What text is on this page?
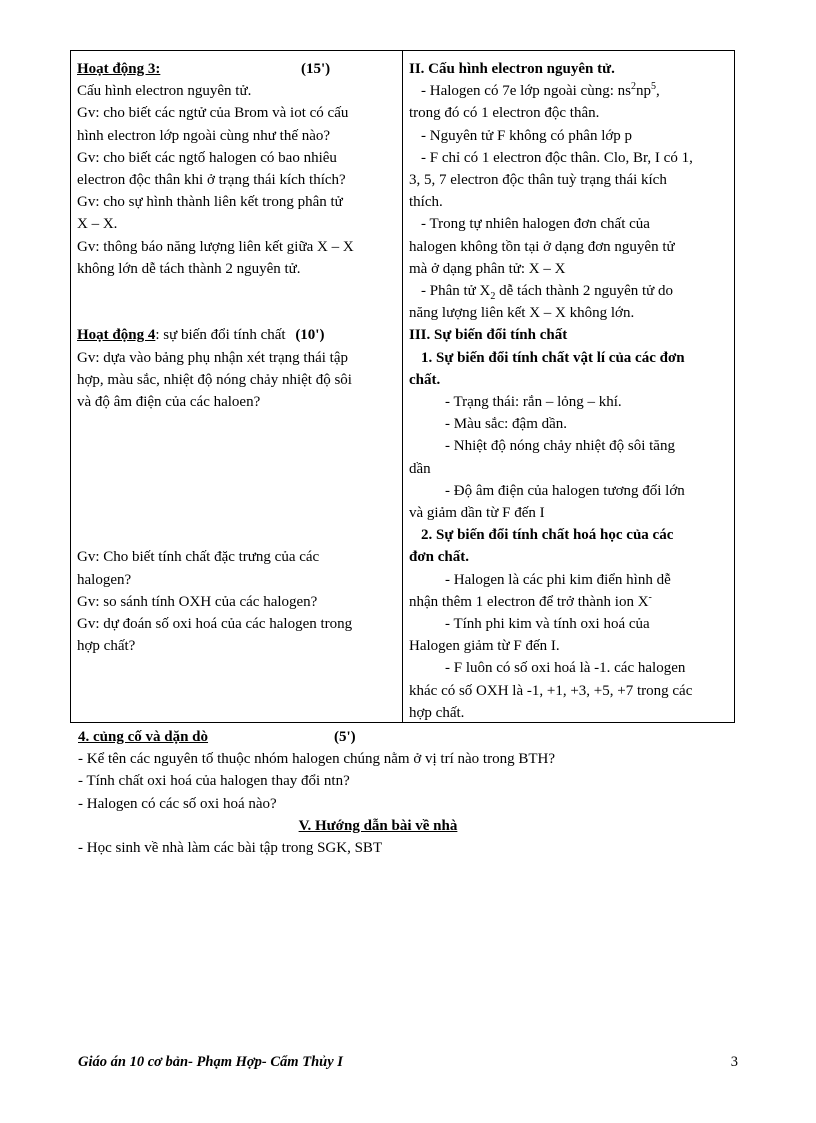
Hoạt động 3:	(15')
Cấu hình electron nguyên tử.
Gv: cho biết các ngtử của Brom và iot có cấu
hình electron lớp ngoài cùng như thế nào?
Gv: cho biết các ngtố halogen có bao nhiêu
electron độc thân khi ở trạng thái kích thích?
Gv: cho sự hình thành liên kết trong phân tử
X – X.
Gv: thông báo năng lượng liên kết giữa X – X
không lớn dễ tách thành 2 nguyên tử.

Hoạt động 4: sự biến đổi tính chất (10')
Gv: dựa vào bảng phụ nhận xét trạng thái tập
hợp, màu sắc, nhiệt độ nóng chảy nhiệt độ sôi
và độ âm điện của các haloen?

Gv: Cho biết tính chất đặc trưng của các
halogen?
Gv: so sánh tính OXH của các halogen?
Gv: dự đoán số oxi hoá của các halogen trong
hợp chất?
II. Cấu hình electron nguyên tử.
- Halogen có 7e lớp ngoài cùng: $ns^2np^5$,
trong đó có 1 electron độc thân.
- Nguyên tử F không có phân lớp p
- F chỉ có 1 electron độc thân. Clo, Br, I có 1,
3, 5, 7 electron độc thân tuỳ trạng thái kích
thích.
- Trong tự nhiên halogen đơn chất của
halogen không tồn tại ở dạng đơn nguyên tử
mà ở dạng phân tử: X – X
- Phân tử $X_2$ dễ tách thành 2 nguyên tử do
năng lượng liên kết X – X không lớn.
III. Sự biến đổi tính chất
1. Sự biến đổi tính chất vật lí của các đơn
chất.
- Trạng thái: rắn – lỏng – khí.
- Màu sắc: đậm dần.
- Nhiệt độ nóng chảy nhiệt độ sôi tăng
dần
- Độ âm điện của halogen tương đối lớn
và giảm dần từ F đến I
2. Sự biến đổi tính chất hoá học của các
đơn chất.
- Halogen là các phi kim điển hình dễ
nhận thêm 1 electron để trở thành ion X-
- Tính phi kim và tính oxi hoá của
Halogen giảm từ F đến I.
- F luôn có số oxi hoá là -1. các halogen
khác có số OXH là -1, +1, +3, +5, +7 trong các
hợp chất.
4. củng cố và dặn dò	(5')
- Kể tên các nguyên tố thuộc nhóm halogen chúng nằm ở vị trí nào trong BTH?
- Tính chất oxi hoá của halogen thay đổi ntn?
- Halogen có các số oxi hoá nào?
V. Hướng dẫn bài về nhà
- Học sinh về nhà làm các bài tập trong SGK, SBT
Giáo án 10 cơ bản- Phạm Hợp- Cẩm Thủy I	3
